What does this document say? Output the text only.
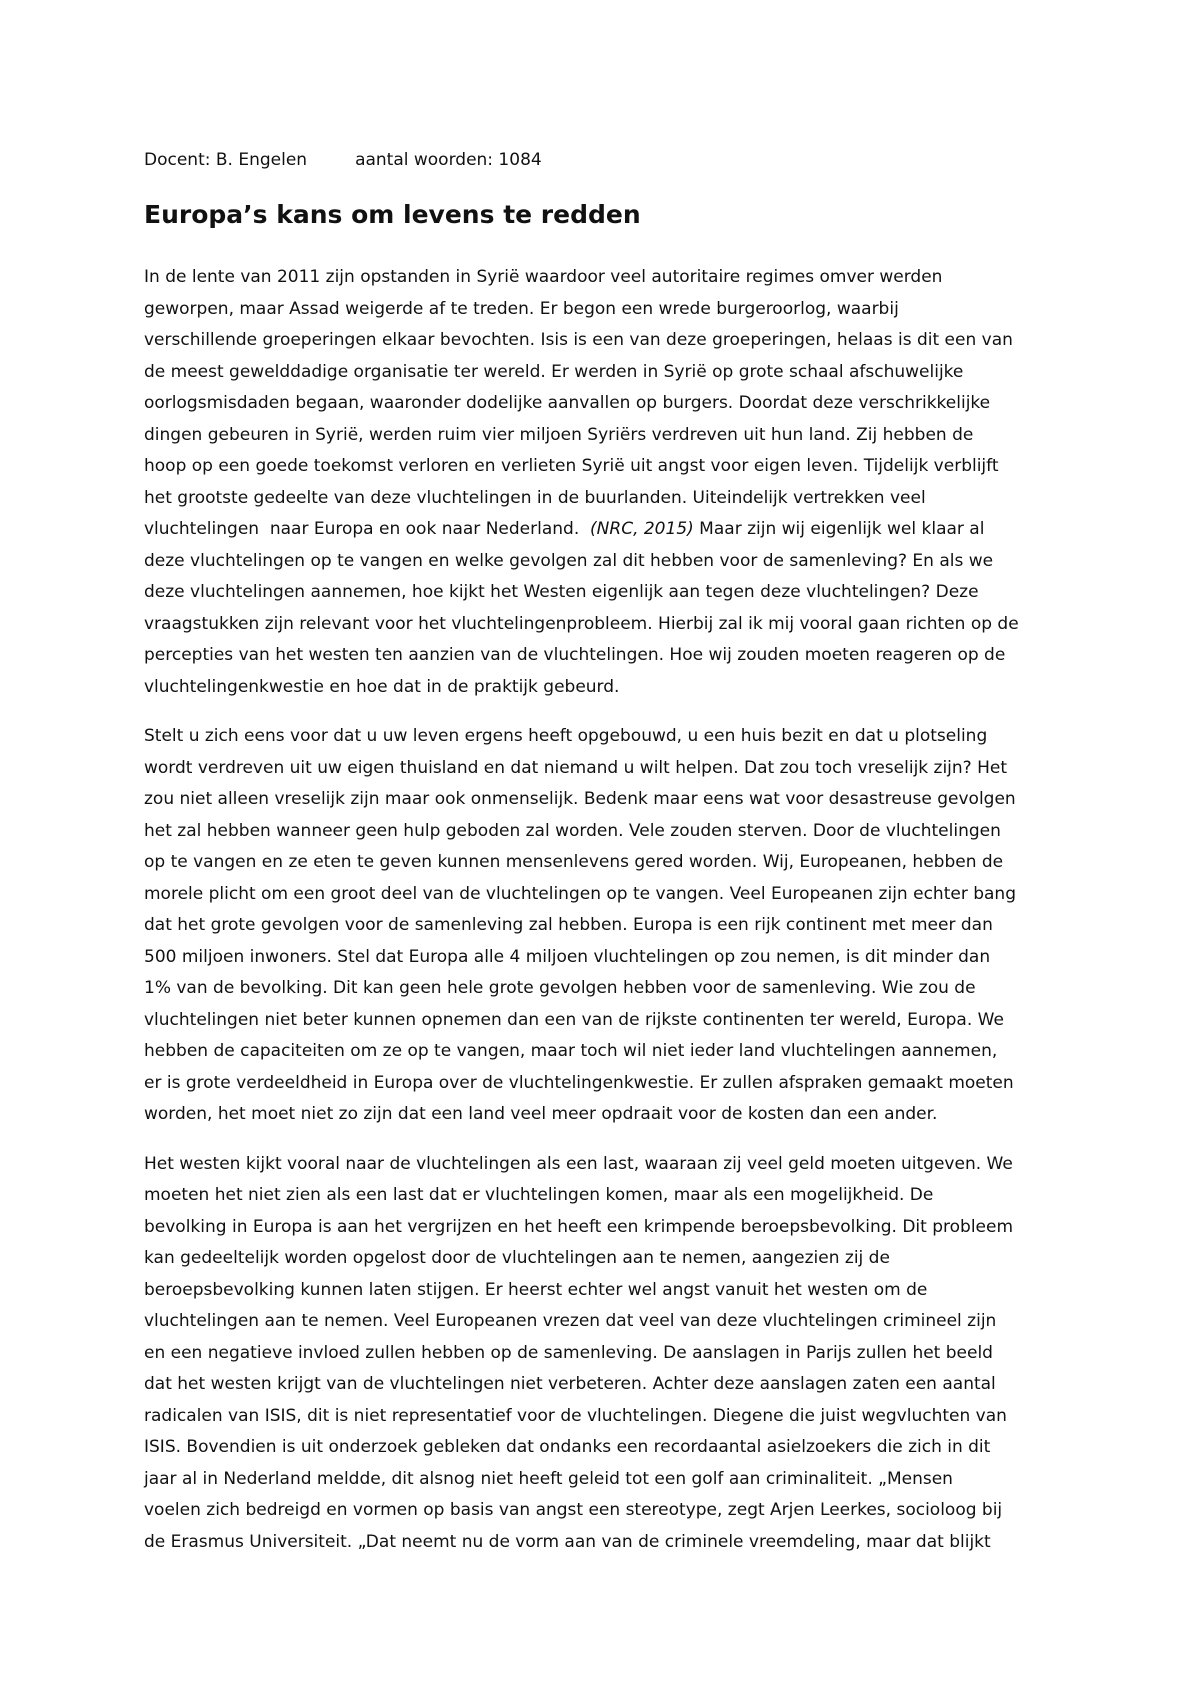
Docent: B. Engelen	aantal woorden: 1084
Europa’s kans om levens te redden
In de lente van 2011 zijn opstanden in Syrië waardoor veel autoritaire regimes omver werden
geworpen, maar Assad weigerde af te treden. Er begon een wrede burgeroorlog, waarbij
verschillende groeperingen elkaar bevochten. Isis is een van deze groeperingen, helaas is dit een van
de meest gewelddadige organisatie ter wereld. Er werden in Syrië op grote schaal afschuwelijke
oorlogsmisdaden begaan, waaronder dodelijke aanvallen op burgers. Doordat deze verschrikkelijke
dingen gebeuren in Syrië, werden ruim vier miljoen Syriërs verdreven uit hun land. Zij hebben de
hoop op een goede toekomst verloren en verlieten Syrië uit angst voor eigen leven. Tijdelijk verblijft
het grootste gedeelte van deze vluchtelingen in de buurlanden. Uiteindelijk vertrekken veel
vluchtelingen  naar Europa en ook naar Nederland.  (NRC, 2015) Maar zijn wij eigenlijk wel klaar al
deze vluchtelingen op te vangen en welke gevolgen zal dit hebben voor de samenleving? En als we
deze vluchtelingen aannemen, hoe kijkt het Westen eigenlijk aan tegen deze vluchtelingen? Deze
vraagstukken zijn relevant voor het vluchtelingenprobleem. Hierbij zal ik mij vooral gaan richten op de
percepties van het westen ten aanzien van de vluchtelingen. Hoe wij zouden moeten reageren op de
vluchtelingenkwestie en hoe dat in de praktijk gebeurd.
Stelt u zich eens voor dat u uw leven ergens heeft opgebouwd, u een huis bezit en dat u plotseling
wordt verdreven uit uw eigen thuisland en dat niemand u wilt helpen. Dat zou toch vreselijk zijn? Het
zou niet alleen vreselijk zijn maar ook onmenselijk. Bedenk maar eens wat voor desastreuse gevolgen
het zal hebben wanneer geen hulp geboden zal worden. Vele zouden sterven. Door de vluchtelingen
op te vangen en ze eten te geven kunnen mensenlevens gered worden. Wij, Europeanen, hebben de
morele plicht om een groot deel van de vluchtelingen op te vangen. Veel Europeanen zijn echter bang
dat het grote gevolgen voor de samenleving zal hebben. Europa is een rijk continent met meer dan
500 miljoen inwoners. Stel dat Europa alle 4 miljoen vluchtelingen op zou nemen, is dit minder dan
1% van de bevolking. Dit kan geen hele grote gevolgen hebben voor de samenleving. Wie zou de
vluchtelingen niet beter kunnen opnemen dan een van de rijkste continenten ter wereld, Europa. We
hebben de capaciteiten om ze op te vangen, maar toch wil niet ieder land vluchtelingen aannemen,
er is grote verdeeldheid in Europa over de vluchtelingenkwestie. Er zullen afspraken gemaakt moeten
worden, het moet niet zo zijn dat een land veel meer opdraait voor de kosten dan een ander.
Het westen kijkt vooral naar de vluchtelingen als een last, waaraan zij veel geld moeten uitgeven. We
moeten het niet zien als een last dat er vluchtelingen komen, maar als een mogelijkheid. De
bevolking in Europa is aan het vergrijzen en het heeft een krimpende beroepsbevolking. Dit probleem
kan gedeeltelijk worden opgelost door de vluchtelingen aan te nemen, aangezien zij de
beroepsbevolking kunnen laten stijgen. Er heerst echter wel angst vanuit het westen om de
vluchtelingen aan te nemen. Veel Europeanen vrezen dat veel van deze vluchtelingen crimineel zijn
en een negatieve invloed zullen hebben op de samenleving. De aanslagen in Parijs zullen het beeld
dat het westen krijgt van de vluchtelingen niet verbeteren. Achter deze aanslagen zaten een aantal
radicalen van ISIS, dit is niet representatief voor de vluchtelingen. Diegene die juist wegvluchten van
ISIS. Bovendien is uit onderzoek gebleken dat ondanks een recordaantal asielzoekers die zich in dit
jaar al in Nederland meldde, dit alsnog niet heeft geleid tot een golf aan criminaliteit. „Mensen
voelen zich bedreigd en vormen op basis van angst een stereotype, zegt Arjen Leerkes, socioloog bij
de Erasmus Universiteit. „Dat neemt nu de vorm aan van de criminele vreemdeling, maar dat blijkt
